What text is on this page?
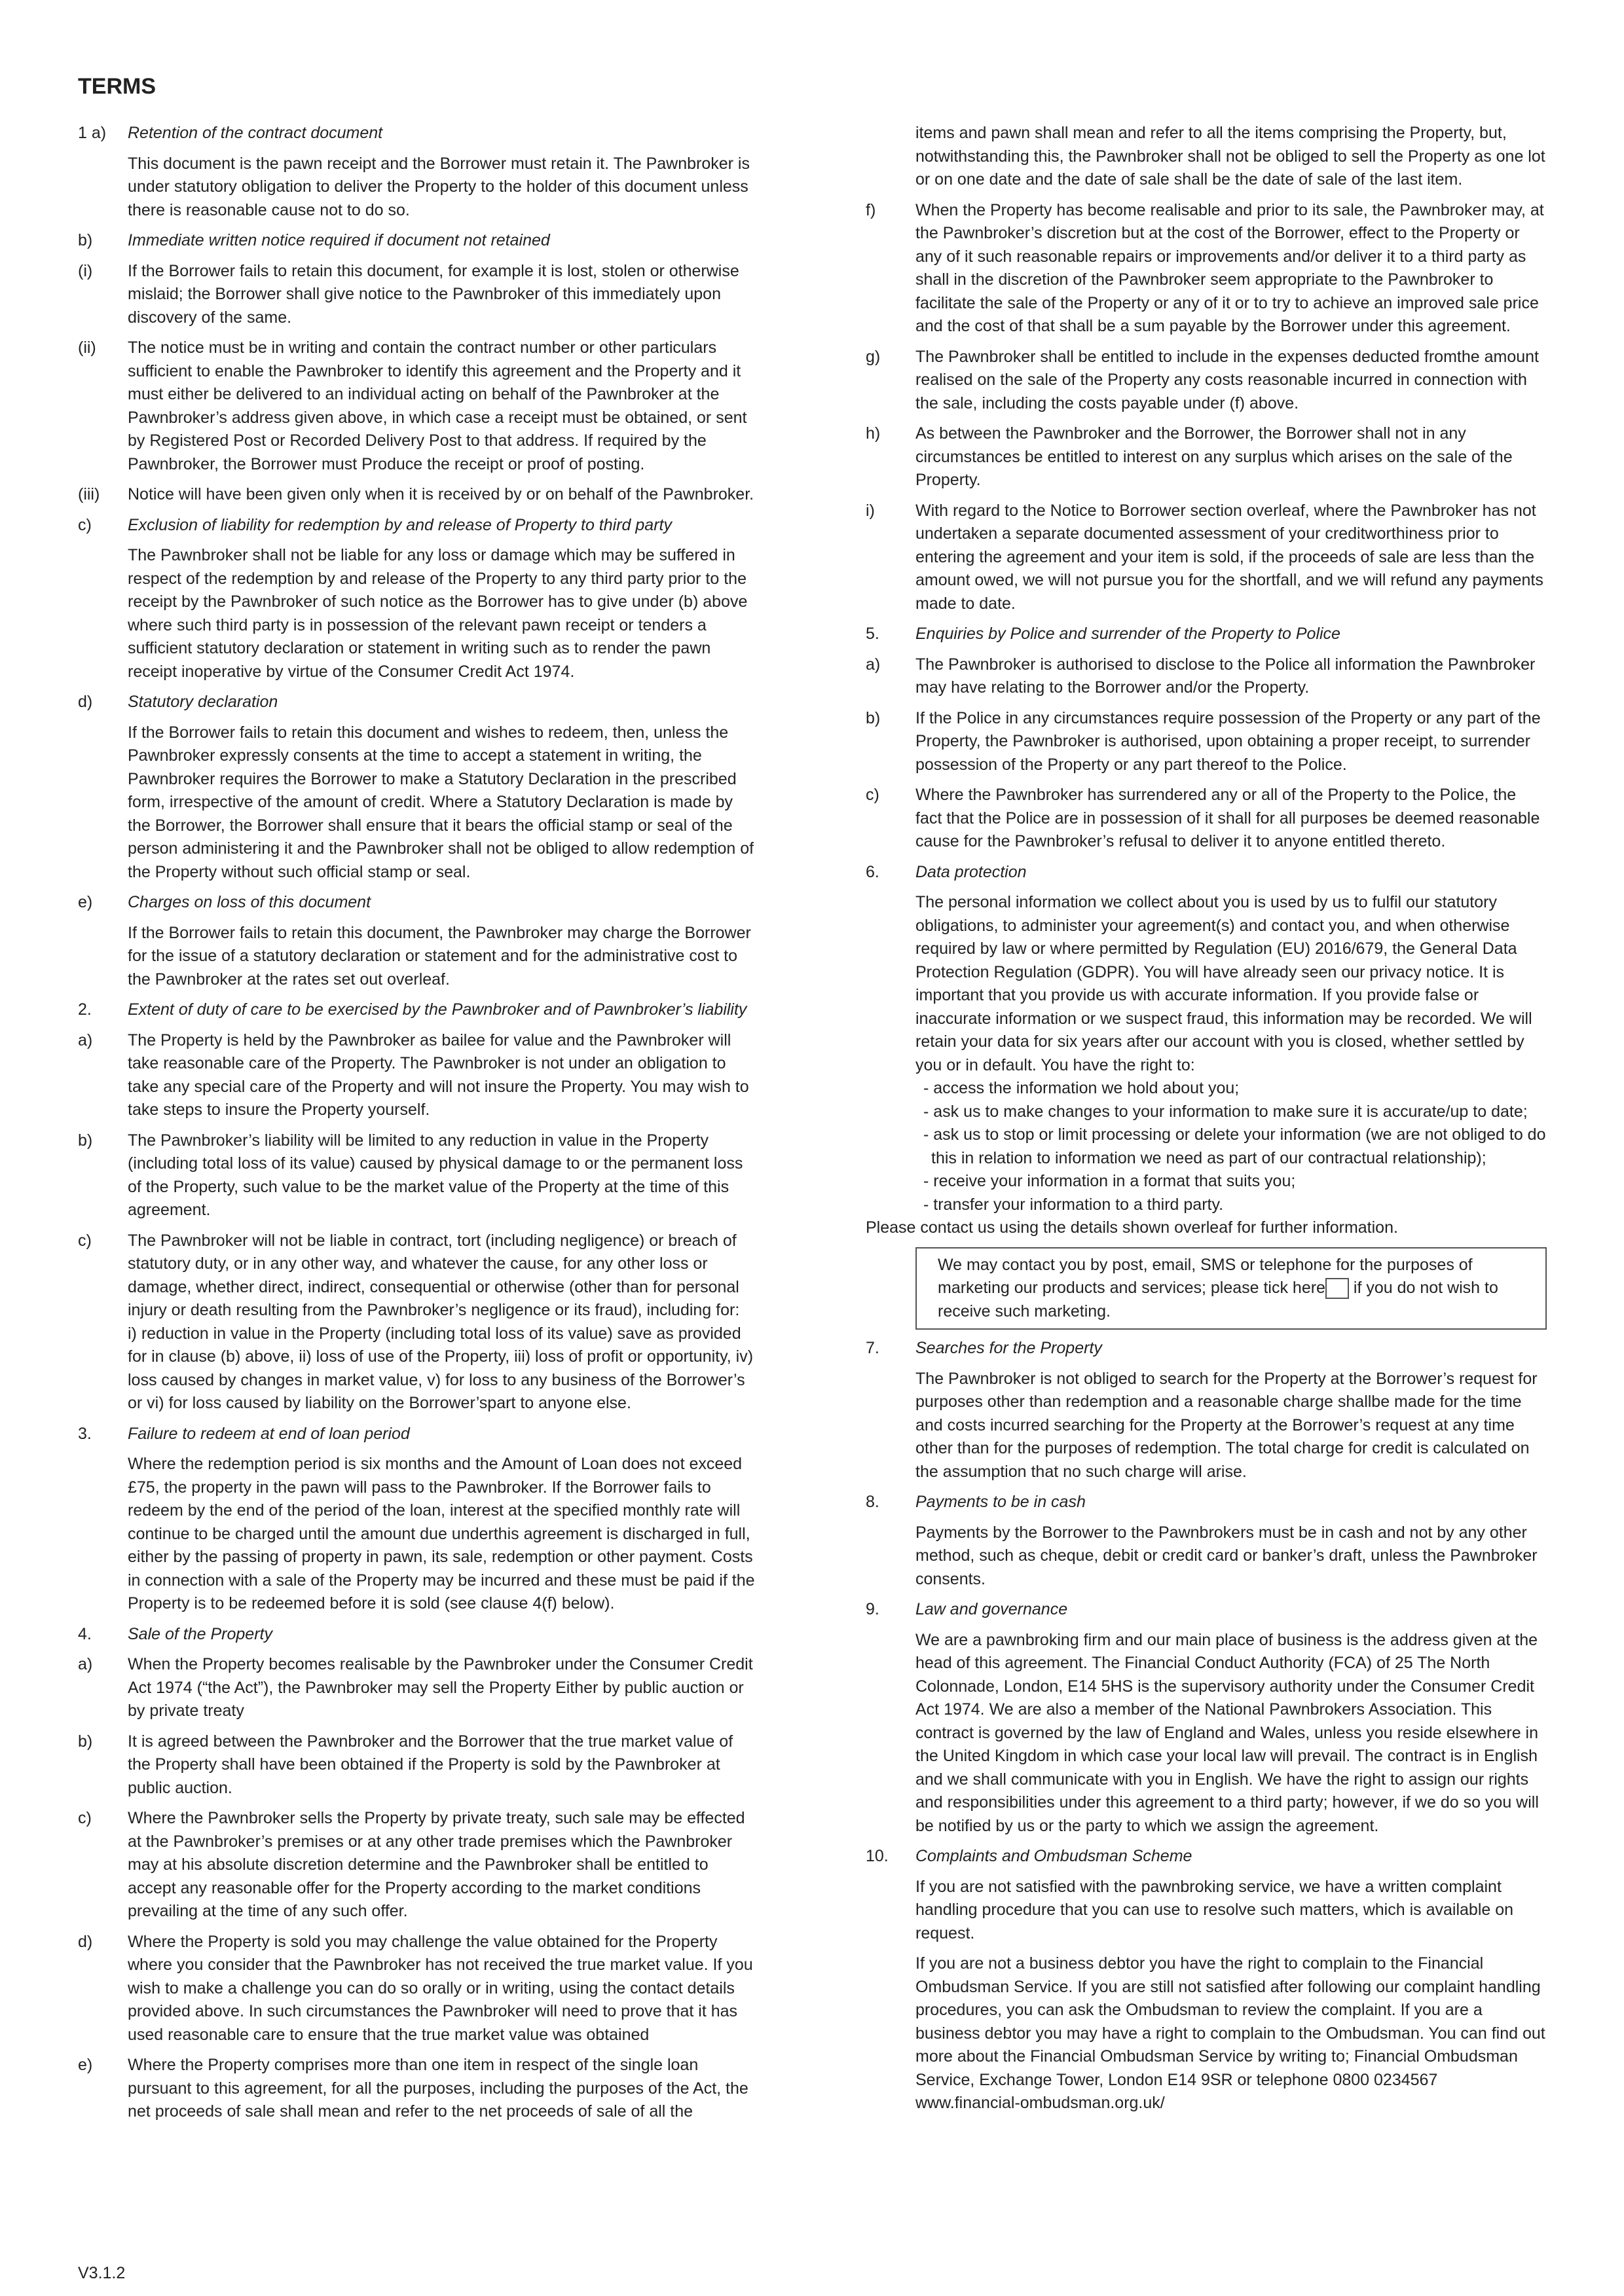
TERMS
1 a)	Retention of the contract document

This document is the pawn receipt and the Borrower must retain it. The Pawnbroker is under statutory obligation to deliver the Property to the holder of this document unless there is reasonable cause not to do so.

b)	Immediate written notice required if document not retained
(i)	If the Borrower fails to retain this document, for example it is lost, stolen or otherwise mislaid; the Borrower shall give notice to the Pawnbroker of this immediately upon discovery of the same.
(ii)	The notice must be in writing and contain the contract number or other particulars sufficient to enable the Pawnbroker to identify this agreement and the Property and it must either be delivered to an individual acting on behalf of the Pawnbroker at the Pawnbroker’s address given above, in which case a receipt must be obtained, or sent by Registered Post or Recorded Delivery Post to that address. If required by the Pawnbroker, the Borrower must Produce the receipt or proof of posting.
(iii)	Notice will have been given only when it is received by or on behalf of the Pawnbroker.
c)	Exclusion of liability for redemption by and release of Property to third party

The Pawnbroker shall not be liable for any loss or damage which may be suffered in respect of the redemption by and release of the Property to any third party prior to the receipt by the Pawnbroker of such notice as the Borrower has to give under (b) above where such third party is in possession of the relevant pawn receipt or tenders a sufficient statutory declaration or statement in writing such as to render the pawn receipt inoperative by virtue of the Consumer Credit Act 1974.

d)	Statutory declaration

If the Borrower fails to retain this document and wishes to redeem, then, unless the Pawnbroker expressly consents at the time to accept a statement in writing, the Pawnbroker requires the Borrower to make a Statutory Declaration in the prescribed form, irrespective of the amount of credit. Where a Statutory Declaration is made by the Borrower, the Borrower shall ensure that it bears the official stamp or seal of the person administering it and the Pawnbroker shall not be obliged to allow redemption of the Property without such official stamp or seal.

e)	Charges on loss of this document

If the Borrower fails to retain this document, the Pawnbroker may charge the Borrower for the issue of a statutory declaration or statement and for the administrative cost to the Pawnbroker at the rates set out overleaf.

2.	Extent of duty of care to be exercised by the Pawnbroker and of Pawnbroker’s liability
a)	The Property is held by the Pawnbroker as bailee for value and the Pawnbroker will take reasonable care of the Property. The Pawnbroker is not under an obligation to take any special care of the Property and will not insure the Property. You may wish to take steps to insure the Property yourself.
b)	The Pawnbroker’s liability will be limited to any reduction in value in the Property (including total loss of its value) caused by physical damage to or the permanent loss of the Property, such value to be the market value of the Property at the time of this agreement.
c)	The Pawnbroker will not be liable in contract, tort (including negligence) or breach of statutory duty, or in any other way, and whatever the cause, for any other loss or damage, whether direct, indirect, consequential or otherwise (other than for personal injury or death resulting from the Pawnbroker’s negligence or its fraud), including for:
i) reduction in value in the Property (including total loss of its value) save as provided for in clause (b) above, ii) loss of use of the Property, iii) loss of profit or opportunity, iv) loss caused by changes in market value, v) for loss to any business of the Borrower’s or vi) for loss caused by liability on the Borrower’spart to anyone else.
3.	Failure to redeem at end of loan period

Where the redemption period is six months and the Amount of Loan does not exceed £75, the property in the pawn will pass to the Pawnbroker. If the Borrower fails to redeem by the end of the period of the loan, interest at the specified monthly rate will continue to be charged until the amount due underthis agreement is discharged in full, either by the passing of property in pawn, its sale, redemption or other payment. Costs in connection with a sale of the Property may be incurred and these must be paid if the Property is to be redeemed before it is sold (see clause 4(f) below).

4.	Sale of the Property
a)	When the Property becomes realisable by the Pawnbroker under the Consumer Credit Act 1974 (“the Act”), the Pawnbroker may sell the Property Either by public auction or by private treaty
b)	It is agreed between the Pawnbroker and the Borrower that the true market value of the Property shall have been obtained if the Property is sold by the Pawnbroker at public auction.
c)	Where the Pawnbroker sells the Property by private treaty, such sale may be effected at the Pawnbroker’s premises or at any other trade premises which the Pawnbroker may at his absolute discretion determine and the Pawnbroker shall be entitled to accept any reasonable offer for the Property according to the market conditions prevailing at the time of any such offer.
d)	Where the Property is sold you may challenge the value obtained for the Property where you consider that the Pawnbroker has not received the true market value. If you wish to make a challenge you can do so orally or in writing, using the contact details provided above. In such circumstances the Pawnbroker will need to prove that it has used reasonable care to ensure that the true market value was obtained
e)	Where the Property comprises more than one item in respect of the single loan pursuant to this agreement, for all the purposes, including the purposes of the Act, the net proceeds of sale shall mean and refer to the net proceeds of sale of all the

items and pawn shall mean and refer to all the items comprising the Property, but, notwithstanding this, the Pawnbroker shall not be obliged to sell the Property as one lot or on one date and the date of sale shall be the date of sale of the last item.

f)	When the Property has become realisable and prior to its sale, the Pawnbroker may, at the Pawnbroker’s discretion but at the cost of the Borrower, effect to the Property or any of it such reasonable repairs or improvements and/or deliver it to a third party as shall in the discretion of the Pawnbroker seem appropriate to the Pawnbroker to facilitate the sale of the Property or any of it or to try to achieve an improved sale price and the cost of that shall be a sum payable by the Borrower under this agreement.
g)	The Pawnbroker shall be entitled to include in the expenses deducted fromthe amount realised on the sale of the Property any costs reasonable incurred in connection with the sale, including the costs payable under (f) above.
h)	As between the Pawnbroker and the Borrower, the Borrower shall not in any circumstances be entitled to interest on any surplus which arises on the sale of the Property.
i)	With regard to the Notice to Borrower section overleaf, where the Pawnbroker has not undertaken a separate documented assessment of your creditworthiness prior to entering the agreement and your item is sold, if the proceeds of sale are less than the amount owed, we will not pursue you for the shortfall, and we will refund any payments made to date.
5.	Enquiries by Police and surrender of the Property to Police
a)	The Pawnbroker is authorised to disclose to the Police all information the Pawnbroker may have relating to the Borrower and/or the Property.
b)	If the Police in any circumstances require possession of the Property or any part of the Property, the Pawnbroker is authorised, upon obtaining a proper receipt, to surrender possession of the Property or any part thereof to the Police.
c)	Where the Pawnbroker has surrendered any or all of the Property to the Police, the fact that the Police are in possession of it shall for all purposes be deemed reasonable cause for the Pawnbroker’s refusal to deliver it to anyone entitled thereto.
6.	Data protection

The personal information we collect about you is used by us to fulfil our statutory obligations, to administer your agreement(s) and contact you, and when otherwise required by law or where permitted by Regulation (EU) 2016/679, the General Data Protection Regulation (GDPR). You will have already seen our privacy notice. It is important that you provide us with accurate information. If you provide false or inaccurate information or we suspect fraud, this information may be recorded. We will retain your data for six years after our account with you is closed, whether settled by you or in default. You have the right to:

- access the information we hold about you;
- ask us to make changes to your information to make sure it is accurate/up to date;
- ask us to stop or limit processing or delete your information (we are not obliged to do this in relation to information we need as part of our contractual relationship);
- receive your information in a format that suits you;
- transfer your information to a third party.
Please contact us using the details shown overleaf for further information.
We may contact you by post, email, SMS or telephone for the purposes of marketing our products and services; please tick here if you do not wish to receive such marketing.
7.	Searches for the Property

The Pawnbroker is not obliged to search for the Property at the Borrower’s request for purposes other than redemption and a reasonable charge shallbe made for the time and costs incurred searching for the Property at the Borrower’s request at any time other than for the purposes of redemption. The total charge for credit is calculated on the assumption that no such charge will arise.

8.	Payments to be in cash

Payments by the Borrower to the Pawnbrokers must be in cash and not by any other method, such as cheque, debit or credit card or banker’s draft, unless the Pawnbroker consents.

9.	Law and governance

We are a pawnbroking firm and our main place of business is the address given at the head of this agreement. The Financial Conduct Authority (FCA) of 25 The North Colonnade, London, E14 5HS is the supervisory authority under the Consumer Credit Act 1974. We are also a member of the National Pawnbrokers Association. This contract is governed by the law of England and Wales, unless you reside elsewhere in the United Kingdom in which case your local law will prevail. The contract is in English and we shall communicate with you in English. We have the right to assign our rights and responsibilities under this agreement to a third party; however, if we do so you will be notified by us or the party to which we assign the agreement.

10.	Complaints and Ombudsman Scheme

If you are not satisfied with the pawnbroking service, we have a written complaint handling procedure that you can use to resolve such matters, which is available on request.

If you are not a business debtor you have the right to complain to the Financial Ombudsman Service. If you are still not satisfied after following our complaint handling procedures, you can ask the Ombudsman to review the complaint. If you are a business debtor you may have a right to complain to the Ombudsman. You can find out more about the Financial Ombudsman Service by writing to; Financial Ombudsman Service, Exchange Tower, London E14 9SR or telephone 0800 0234567 www.financial-ombudsman.org.uk/

V3.1.2
